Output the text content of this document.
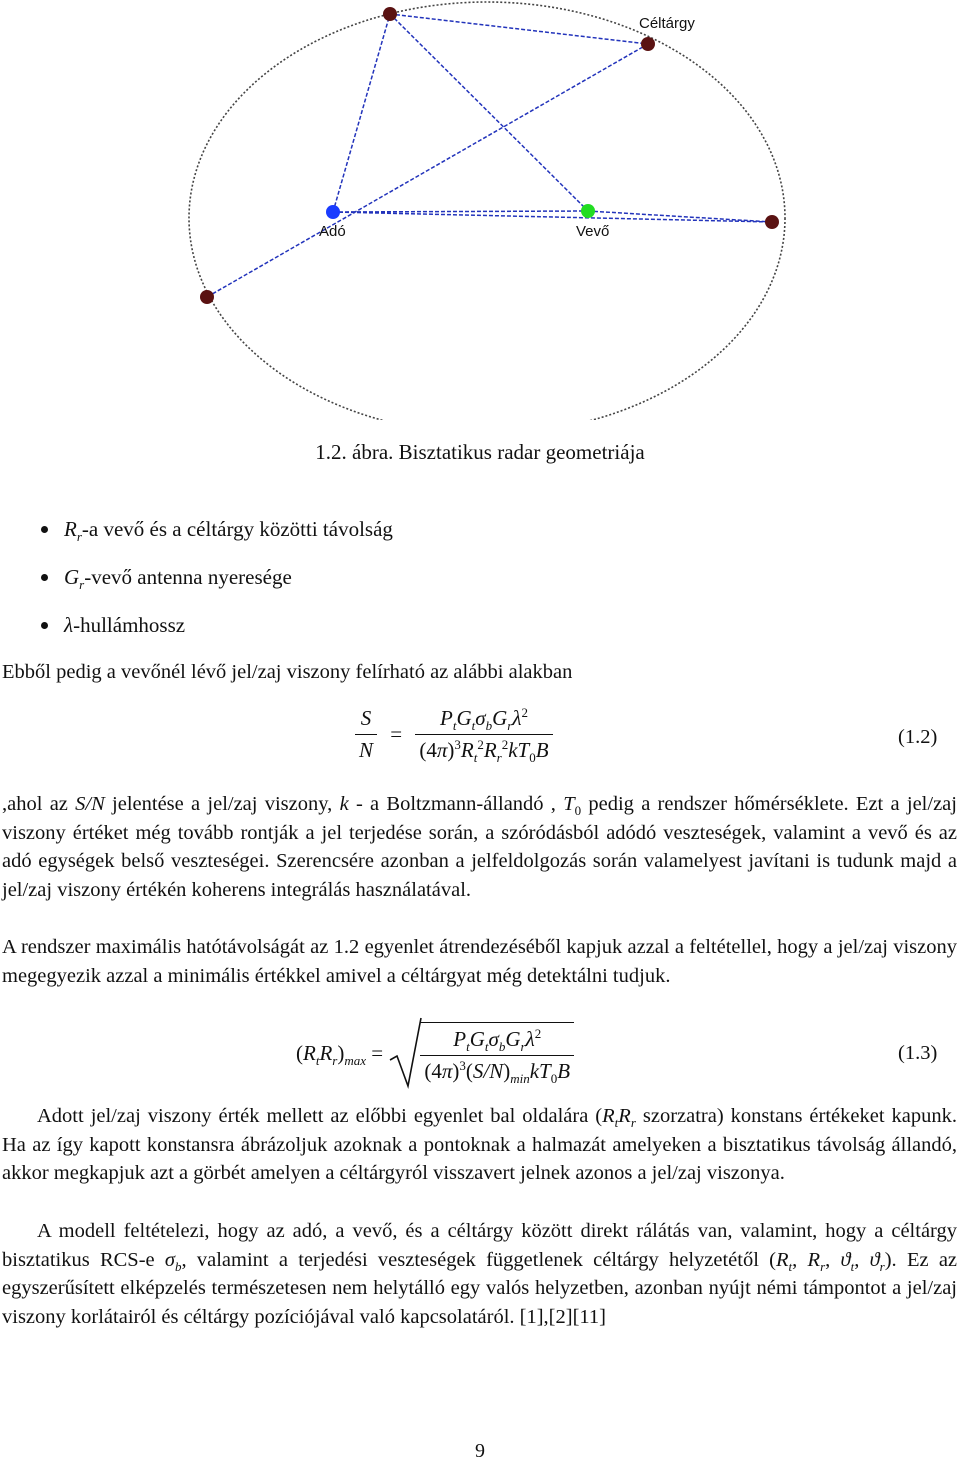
Céltárgy
Adó	Vevő
1.2. ábra. Bisztatikus radar geometriája
$R_r-a$ vevő és a céltárgy közötti távolság
$G_r$-vevő antenna nyeresége
λ-hullámhossz
Ebből pedig a vevőnél lévő jel/zaj viszony felírható az alábbi alakban
$\frac{S}{N} = \frac{P_tG_t\sigma_bG_r\lambda^2}{(4\pi)^3R_t^2R_r^2kT_0B}$	(1.2)
,ahol az S/N jelentése a jel/zaj viszony, k - a Boltzmann-állandó , $T_0$ pedig a rendszer hőmérséklete. Ezt a jel/zaj viszony értéket még tovább rontják a jel terjedése során, a szóródásból adódó veszteségek, valamint a vevő és az adó egységek belső veszteségei. Szerencsére azonban a jelfeldolgozás során valamelyest javítani is tudunk majd a jel/zaj viszony értékén koherens integrálás használatával.
A rendszer maximális hatótávolságát az 1.2 egyenlet átrendezéséből kapjuk azzal a feltétellel, hogy a jel/zaj viszony megegyezik azzal a minimális értékkel amivel a céltárgyat még detektálni tudjuk.
$(R_tR_r)_{max} = \frac{P_tG_t\sigma_bG_r\lambda^2}{(4\pi)^3(S/N)_{min}kT_0B}$	(1.3)
Adott jel/zaj viszony érték mellett az előbbi egyenlet bal oldalára ($R_tR_r$ szorzatra) konstans értékeket kapunk. Ha az így kapott konstansra ábrázoljuk azoknak a pontoknak a halmazát amelyeken a bisztatikus távolság állandó, akkor megkapjuk azt a görbét amelyen a céltárgyról visszavert jelnek azonos a jel/zaj viszonya.
A modell feltételezi, hogy az adó, a vevő, és a céltárgy között direkt rálátás van, valamint, hogy a céltárgy bisztatikus RCS-e $\sigma_b$, valamint a terjedési veszteségek függetlenek céltárgy helyzetétől ($R_t$, $R_r$, $ϑ_t$, $ϑ_r$). Ez az egyszerűsített elképzelés természetesen nem helytálló egy valós helyzetben, azonban nyújt némi támpontot a jel/zaj viszony korlátairól és céltárgy pozíciójával való kapcsolatáról. [1],[2][11]
9
